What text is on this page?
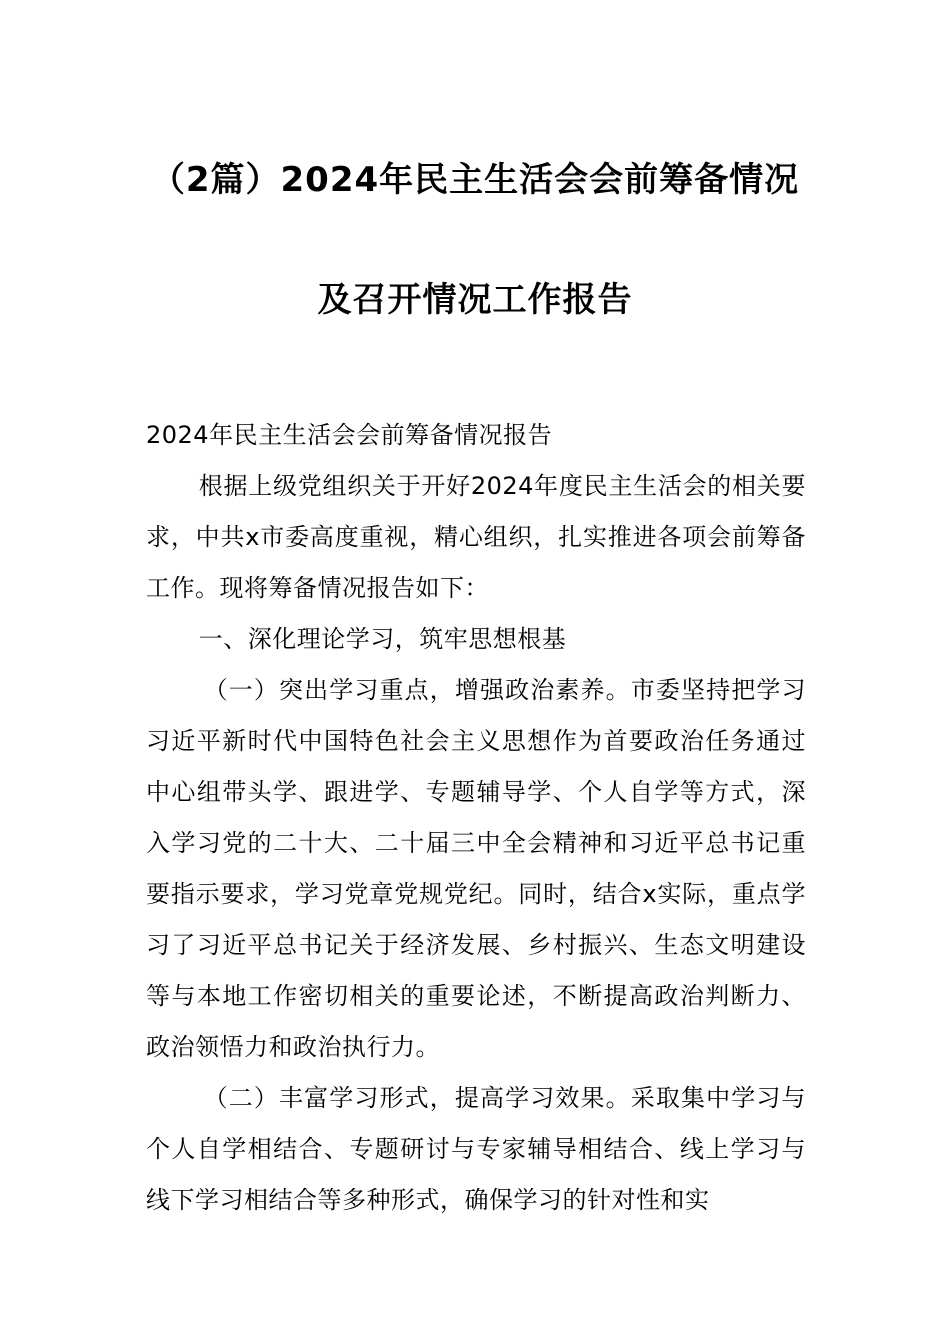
（2篇）2024年民主生活会会前筹备情况
及召开情况工作报告

2024年民主生活会会前筹备情况报告

根据上级党组织关于开好2024年度民主生活会的相关要求，中共x市委高度重视，精心组织，扎实推进各项会前筹备工作。现将筹备情况报告如下：

一、深化理论学习，筑牢思想根基

（一）突出学习重点，增强政治素养。市委坚持把学习习近平新时代中国特色社会主义思想作为首要政治任务通过中心组带头学、跟进学、专题辅导学、个人自学等方式，深入学习党的二十大、二十届三中全会精神和习近平总书记重要指示要求，学习党章党规党纪。同时，结合x实际，重点学习了习近平总书记关于经济发展、乡村振兴、生态文明建设等与本地工作密切相关的重要论述，不断提高政治判断力、政治领悟力和政治执行力。

（二）丰富学习形式，提高学习效果。采取集中学习与个人自学相结合、专题研讨与专家辅导相结合、线上学习与线下学习相结合等多种形式，确保学习的针对性和实
